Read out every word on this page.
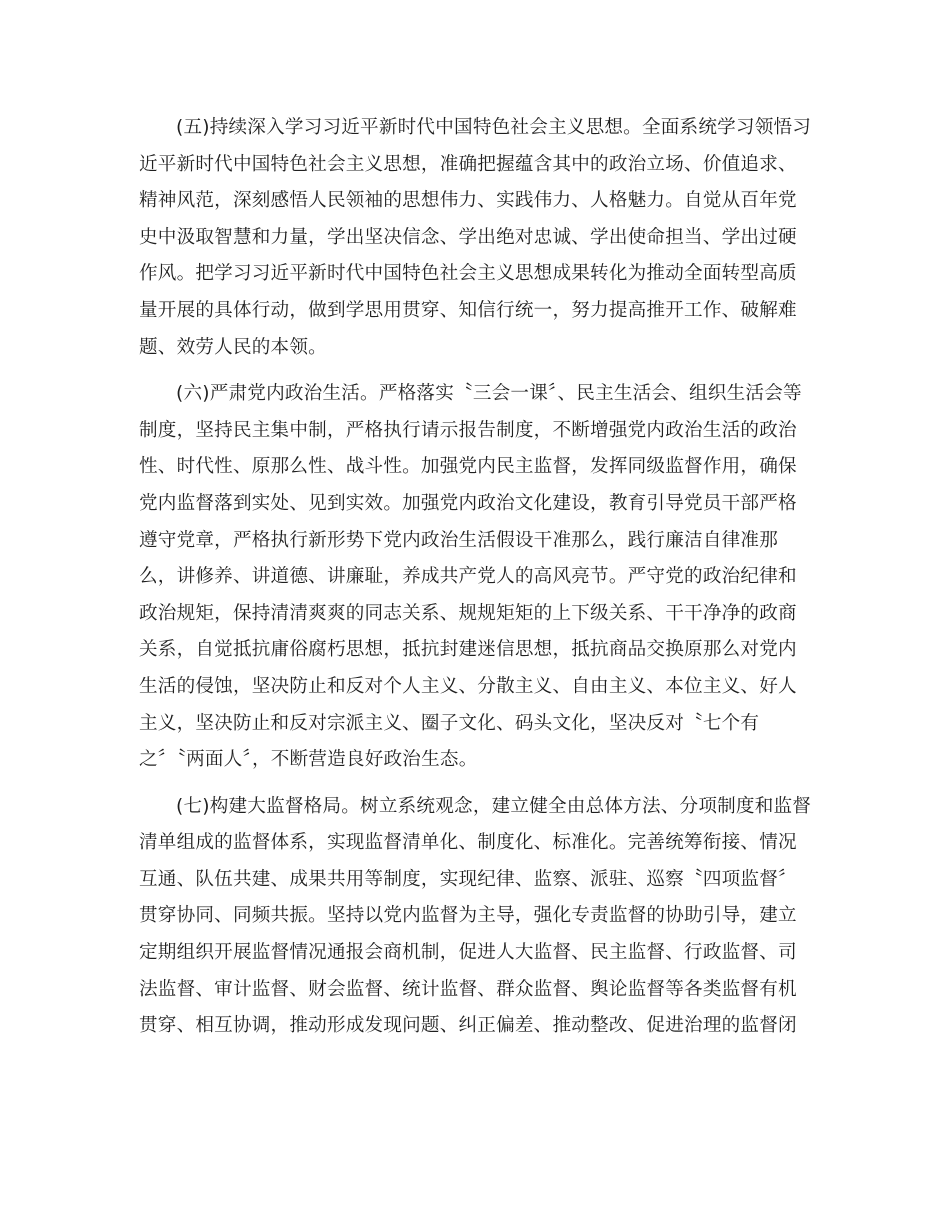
(五)持续深入学习习近平新时代中国特色社会主义思想。全面系统学习领悟习
近平新时代中国特色社会主义思想，准确把握蕴含其中的政治立场、价值追求、
精神风范，深刻感悟人民领袖的思想伟力、实践伟力、人格魅力。自觉从百年党
史中汲取智慧和力量，学出坚决信念、学出绝对忠诚、学出使命担当、学出过硬
作风。把学习习近平新时代中国特色社会主义思想成果转化为推动全面转型高质
量开展的具体行动，做到学思用贯穿、知信行统一，努力提高推开工作、破解难
题、效劳人民的本领。

(六)严肃党内政治生活。严格落实〝三会一课〞、民主生活会、组织生活会等
制度，坚持民主集中制，严格执行请示报告制度，不断增强党内政治生活的政治
性、时代性、原那么性、战斗性。加强党内民主监督，发挥同级监督作用，确保
党内监督落到实处、见到实效。加强党内政治文化建设，教育引导党员干部严格
遵守党章，严格执行新形势下党内政治生活假设干准那么，践行廉洁自律准那
么，讲修养、讲道德、讲廉耻，养成共产党人的高风亮节。严守党的政治纪律和
政治规矩，保持清清爽爽的同志关系、规规矩矩的上下级关系、干干净净的政商
关系，自觉抵抗庸俗腐朽思想，抵抗封建迷信思想，抵抗商品交换原那么对党内
生活的侵蚀，坚决防止和反对个人主义、分散主义、自由主义、本位主义、好人
主义，坚决防止和反对宗派主义、圈子文化、码头文化，坚决反对〝七个有
之〞〝两面人〞，不断营造良好政治生态。

(七)构建大监督格局。树立系统观念，建立健全由总体方法、分项制度和监督
清单组成的监督体系，实现监督清单化、制度化、标准化。完善统筹衔接、情况
互通、队伍共建、成果共用等制度，实现纪律、监察、派驻、巡察〝四项监督〞
贯穿协同、同频共振。坚持以党内监督为主导，强化专责监督的协助引导，建立
定期组织开展监督情况通报会商机制，促进人大监督、民主监督、行政监督、司
法监督、审计监督、财会监督、统计监督、群众监督、舆论监督等各类监督有机
贯穿、相互协调，推动形成发现问题、纠正偏差、推动整改、促进治理的监督闭
